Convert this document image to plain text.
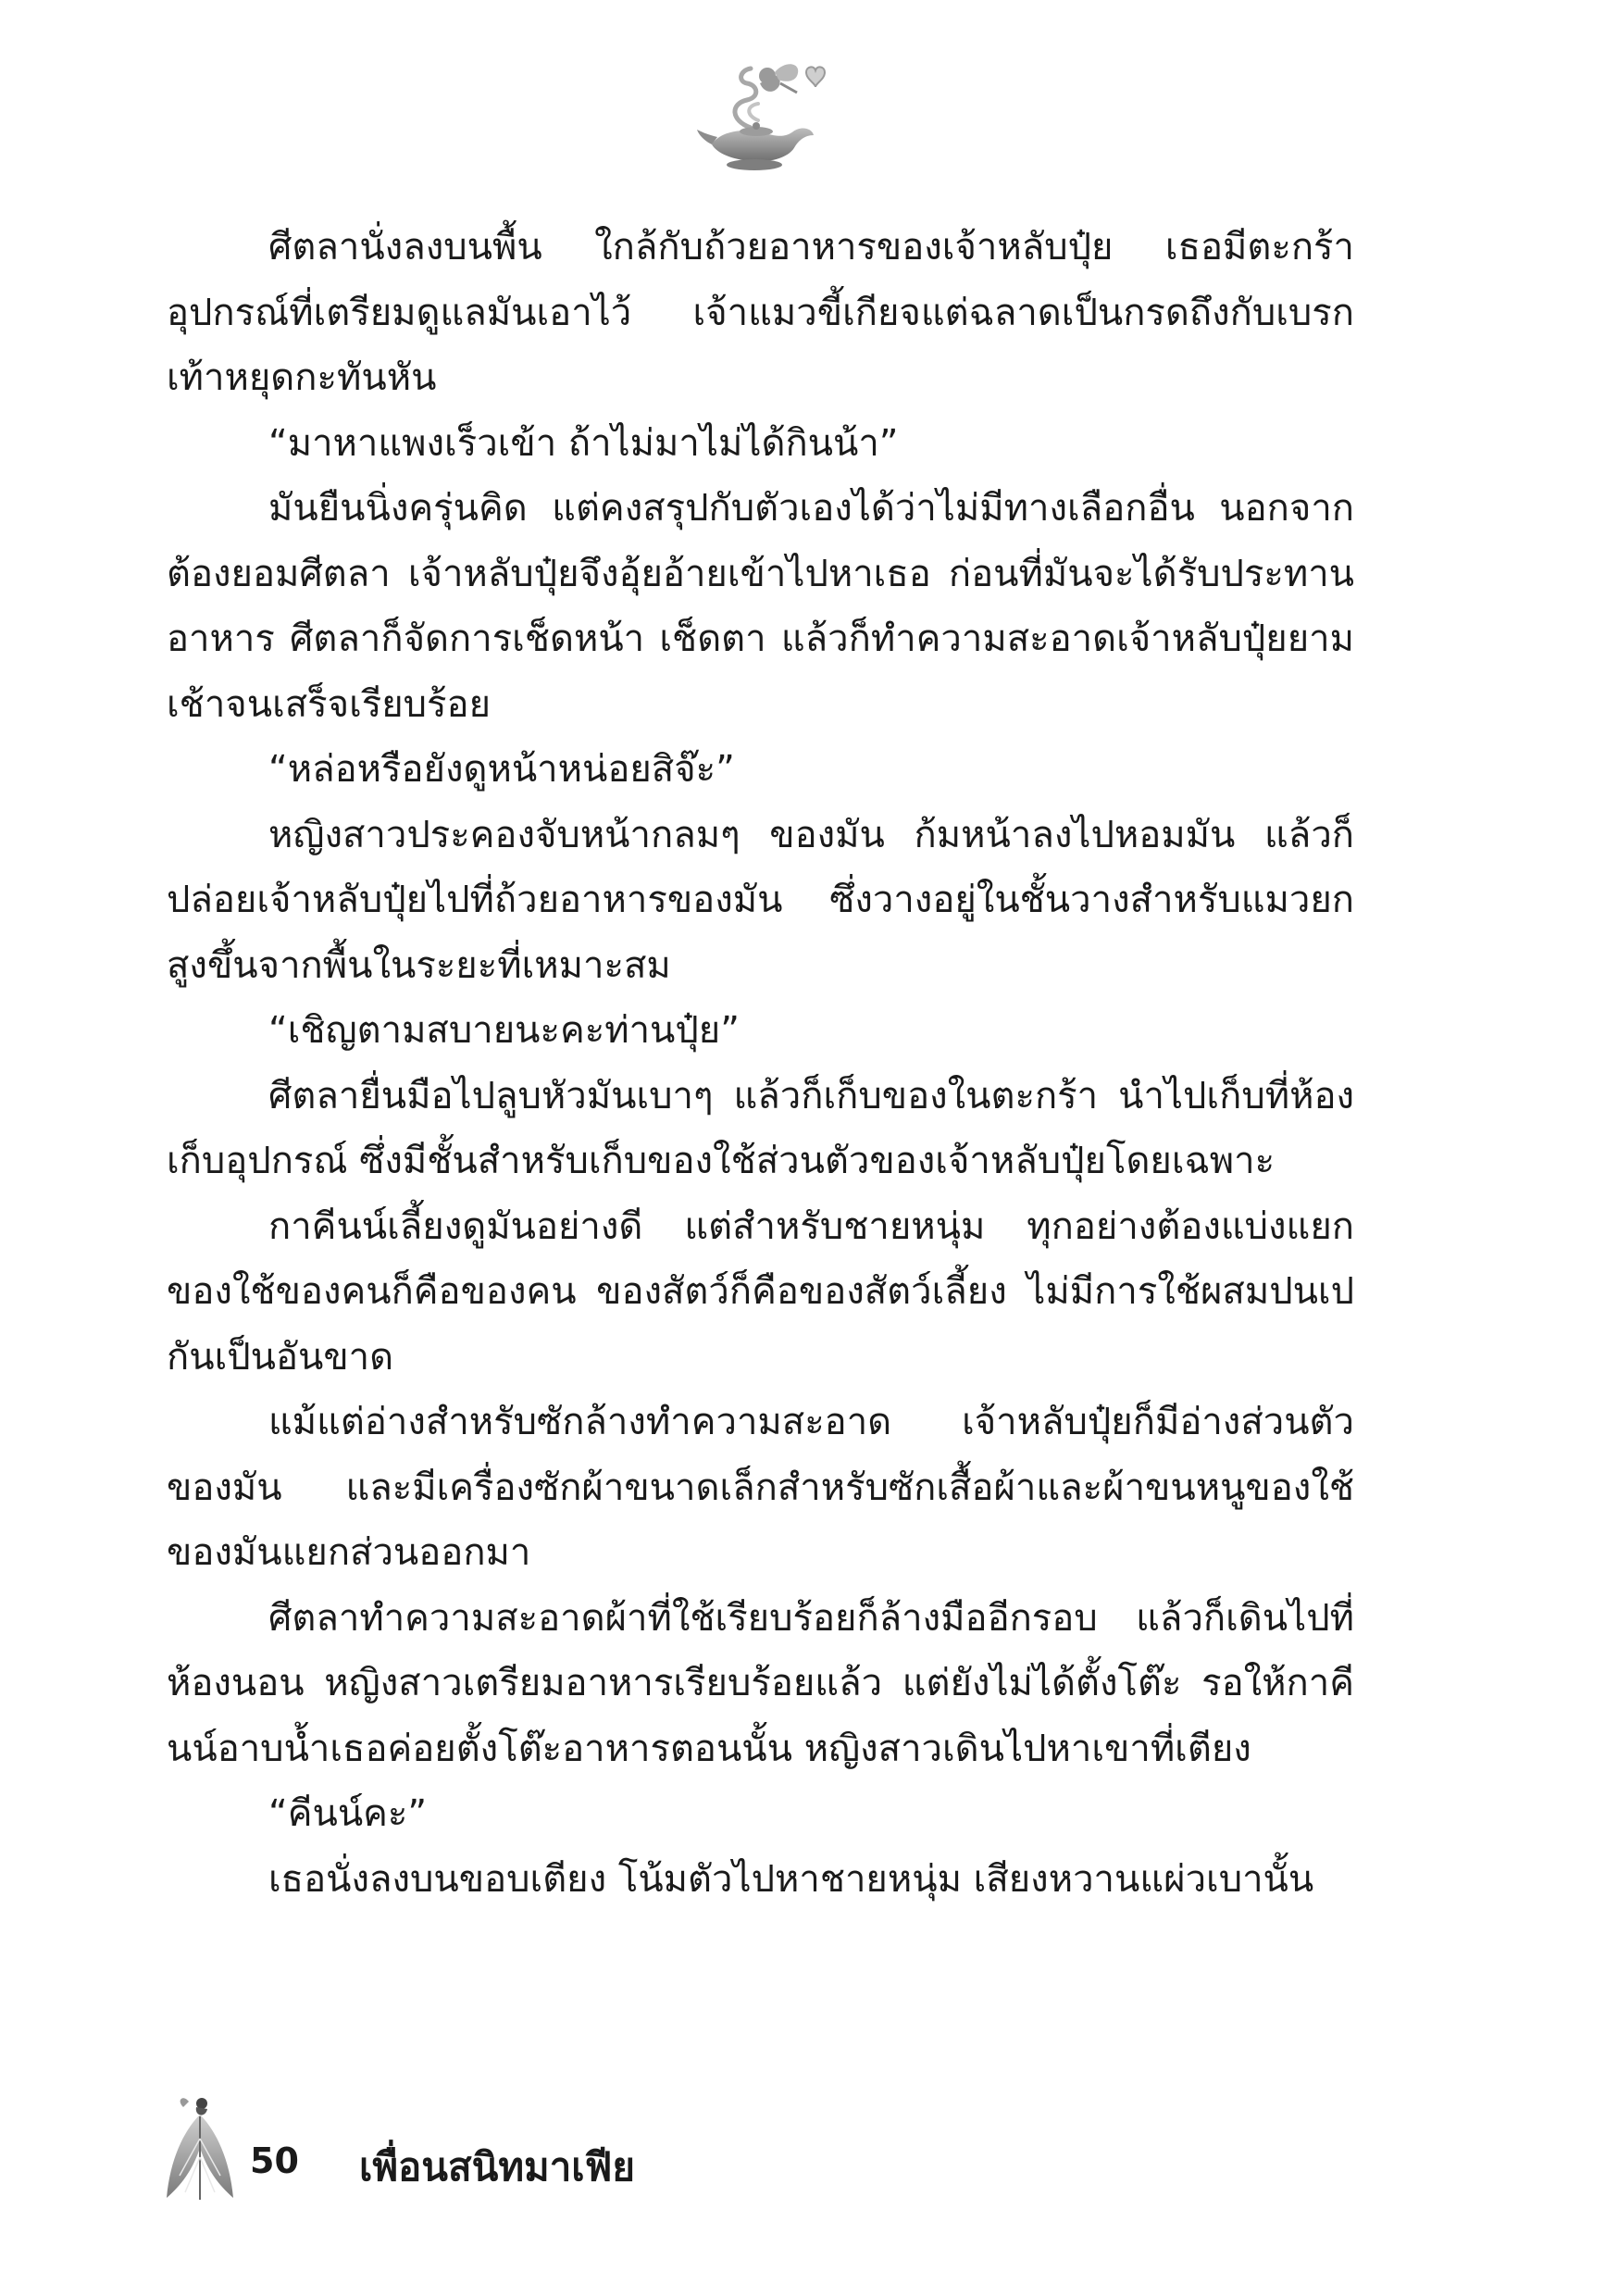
ศีตลานั่งลงบนพื้น ใกล้กับถ้วยอาหารของเจ้าหลับปุ๋ย เธอมีตะกร้าอุปกรณ์ที่เตรียมดูแลมันเอาไว้ เจ้าแมวขี้เกียจแต่ฉลาดเป็นกรดถึงกับเบรกเท้าหยุดกะทันหัน

“มาหาแพงเร็วเข้า ถ้าไม่มาไม่ได้กินน้า”

มันยืนนิ่งครุ่นคิด แต่คงสรุปกับตัวเองได้ว่าไม่มีทางเลือกอื่น นอกจากต้องยอมศีตลา เจ้าหลับปุ๋ยจึงอุ้ยอ้ายเข้าไปหาเธอ ก่อนที่มันจะได้รับประทานอาหาร ศีตลาก็จัดการเช็ดหน้า เช็ดตา แล้วก็ทำความสะอาดเจ้าหลับปุ๋ยยามเช้าจนเสร็จเรียบร้อย

“หล่อหรือยังดูหน้าหน่อยสิจ๊ะ”

หญิงสาวประคองจับหน้ากลมๆ ของมัน ก้มหน้าลงไปหอมมัน แล้วก็ปล่อยเจ้าหลับปุ๋ยไปที่ถ้วยอาหารของมัน ซึ่งวางอยู่ในชั้นวางสำหรับแมวยกสูงขึ้นจากพื้นในระยะที่เหมาะสม

“เชิญตามสบายนะคะท่านปุ๋ย”

ศีตลายื่นมือไปลูบหัวมันเบาๆ แล้วก็เก็บของในตะกร้า นำไปเก็บที่ห้องเก็บอุปกรณ์ ซึ่งมีชั้นสำหรับเก็บของใช้ส่วนตัวของเจ้าหลับปุ๋ยโดยเฉพาะ

กาคีนน์เลี้ยงดูมันอย่างดี แต่สำหรับชายหนุ่ม ทุกอย่างต้องแบ่งแยกของใช้ของคนก็คือของคน ของสัตว์ก็คือของสัตว์เลี้ยง ไม่มีการใช้ผสมปนเปกันเป็นอันขาด

แม้แต่อ่างสำหรับซักล้างทำความสะอาด เจ้าหลับปุ๋ยก็มีอ่างส่วนตัวของมัน และมีเครื่องซักผ้าขนาดเล็กสำหรับซักเสื้อผ้าและผ้าขนหนูของใช้ของมันแยกส่วนออกมา

ศีตลาทำความสะอาดผ้าที่ใช้เรียบร้อยก็ล้างมืออีกรอบ แล้วก็เดินไปที่ห้องนอน หญิงสาวเตรียมอาหารเรียบร้อยแล้ว แต่ยังไม่ได้ตั้งโต๊ะ รอให้กาคีนน์อาบน้ำเธอค่อยตั้งโต๊ะอาหารตอนนั้น หญิงสาวเดินไปหาเขาที่เตียง

“คีนน์คะ”

เธอนั่งลงบนขอบเตียง โน้มตัวไปหาชายหนุ่ม เสียงหวานแผ่วเบานั้น

50 เพื่อนสนิทมาเฟีย
